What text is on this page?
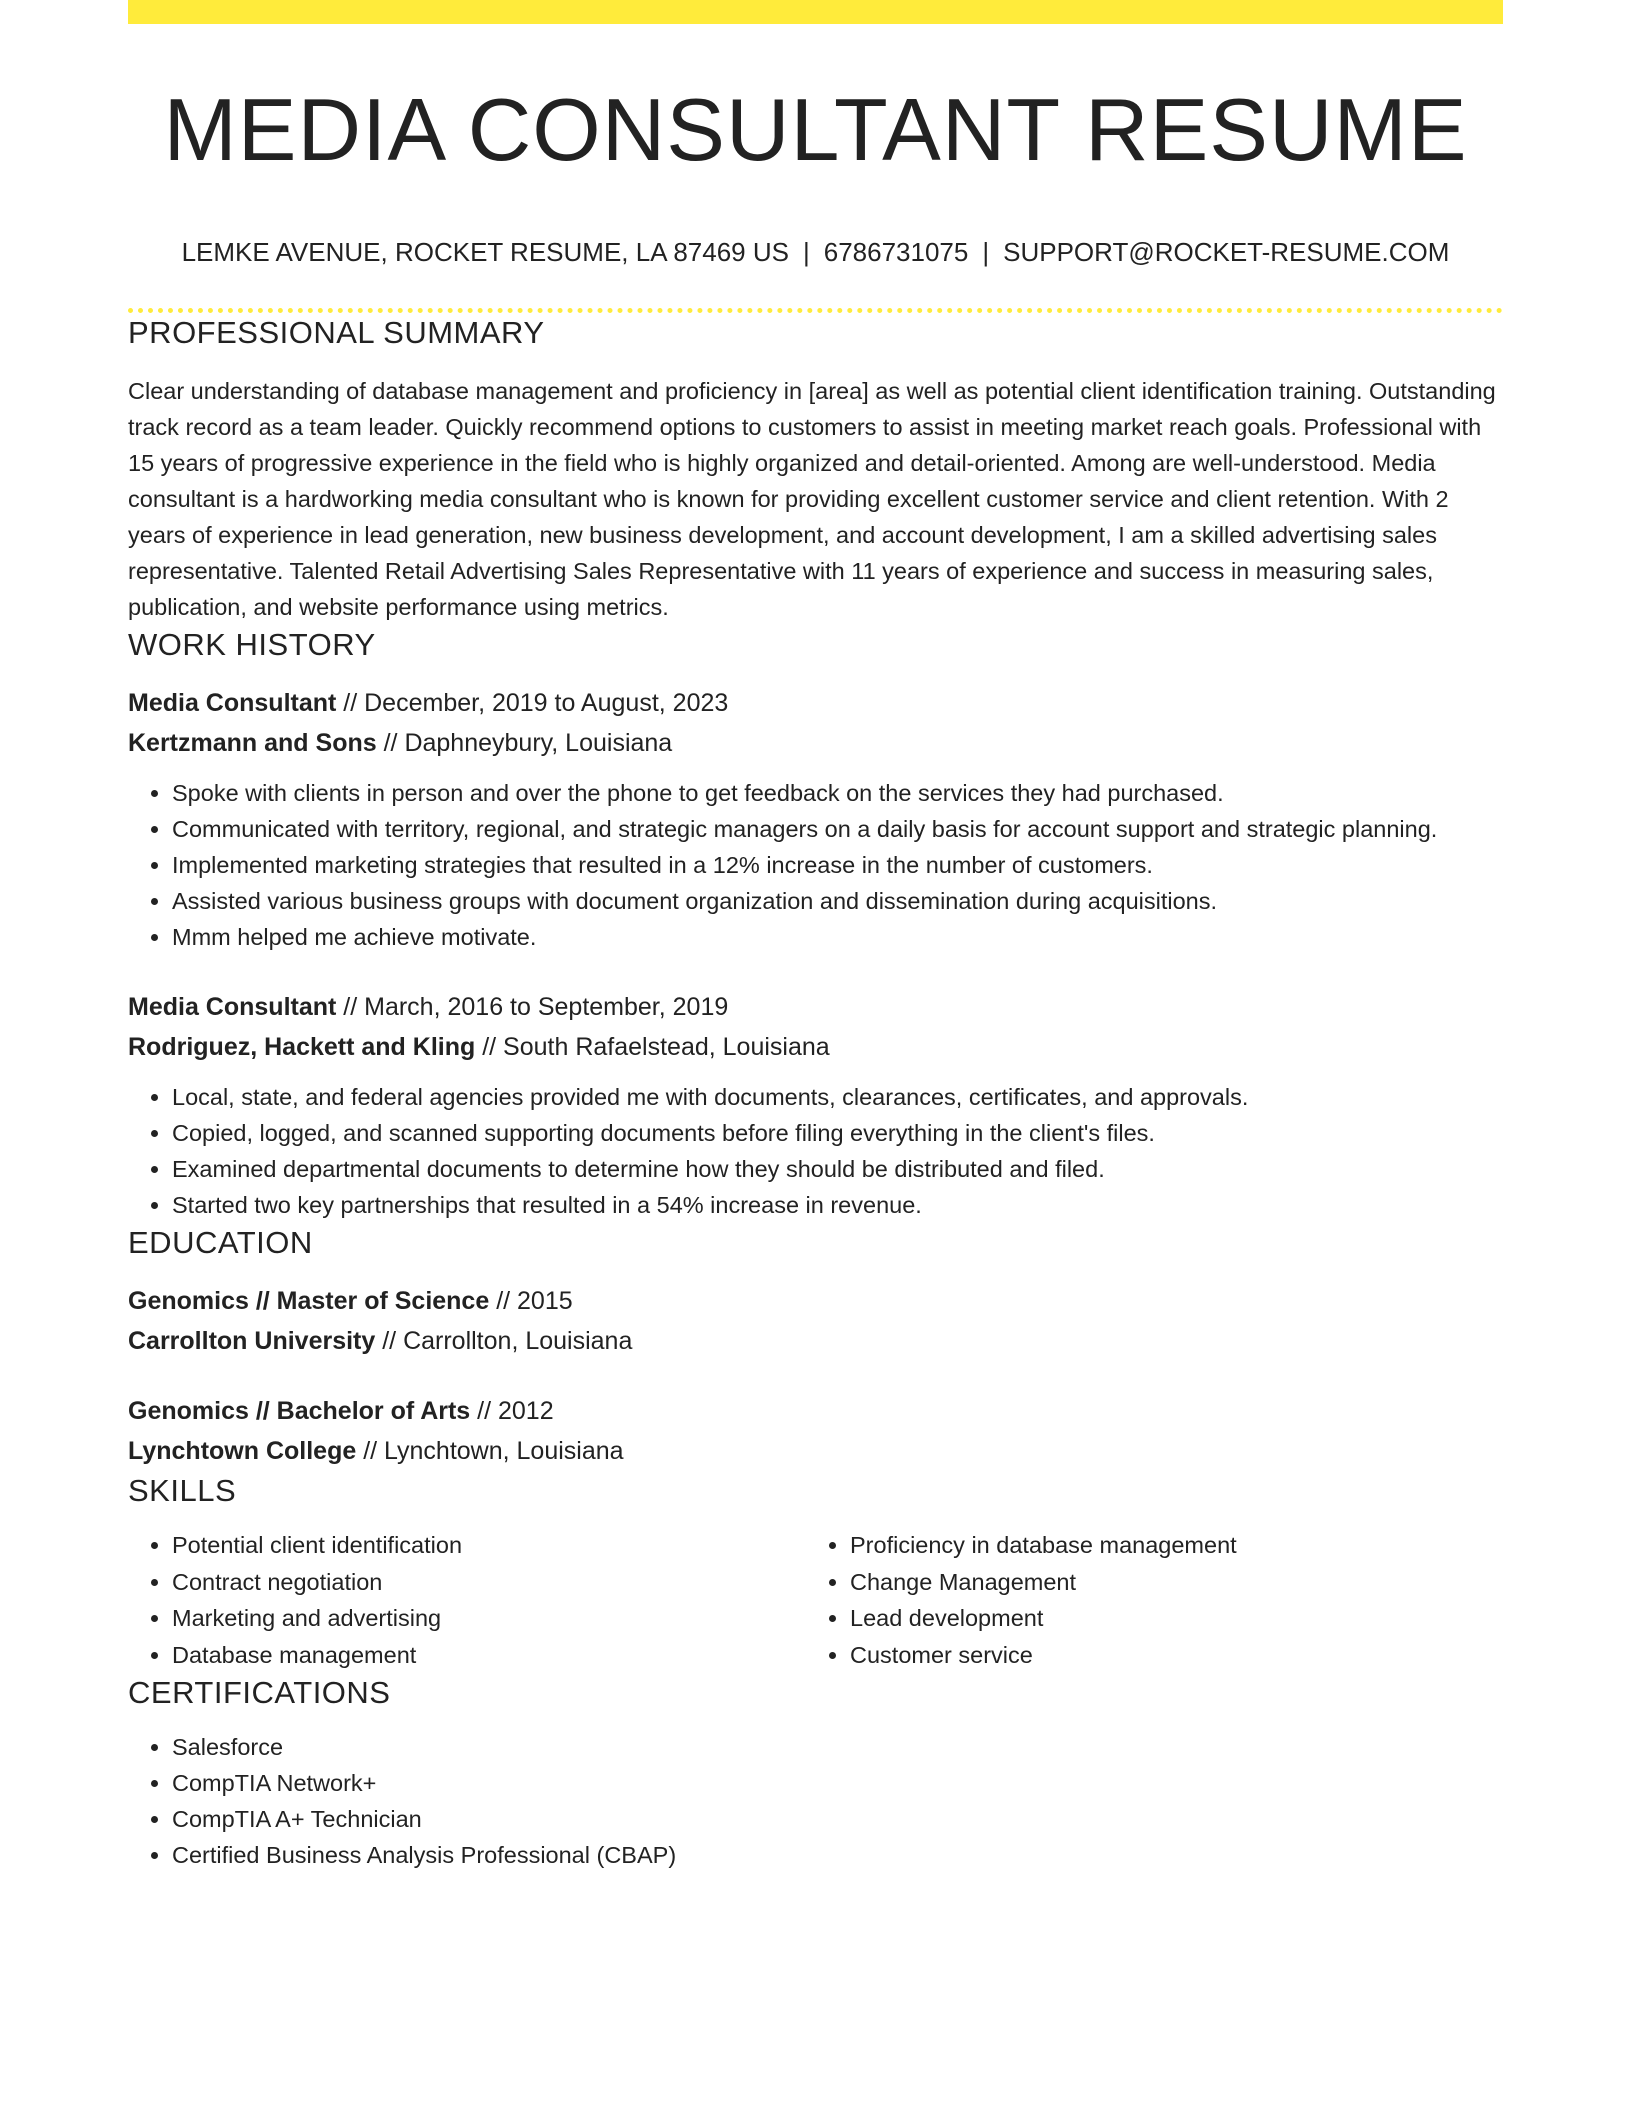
MEDIA CONSULTANT RESUME
LEMKE AVENUE, ROCKET RESUME, LA 87469 US | 6786731075 | SUPPORT@ROCKET-RESUME.COM
PROFESSIONAL SUMMARY

Clear understanding of database management and proficiency in [area] as well as potential client identification training. Outstanding track record as a team leader. Quickly recommend options to customers to assist in meeting market reach goals. Professional with 15 years of progressive experience in the field who is highly organized and detail-oriented. Among are well-understood. Media consultant is a hardworking media consultant who is known for providing excellent customer service and client retention. With 2 years of experience in lead generation, new business development, and account development, I am a skilled advertising sales representative. Talented Retail Advertising Sales Representative with 11 years of experience and success in measuring sales, publication, and website performance using metrics.

WORK HISTORY
Media Consultant // December, 2019 to August, 2023
Kertzmann and Sons // Daphneybury, Louisiana
• Spoke with clients in person and over the phone to get feedback on the services they had purchased.
• Communicated with territory, regional, and strategic managers on a daily basis for account support and strategic planning.
• Implemented marketing strategies that resulted in a 12% increase in the number of customers.
• Assisted various business groups with document organization and dissemination during acquisitions.
• Mmm helped me achieve motivate.
Media Consultant // March, 2016 to September, 2019
Rodriguez, Hackett and Kling // South Rafaelstead, Louisiana
• Local, state, and federal agencies provided me with documents, clearances, certificates, and approvals.
• Copied, logged, and scanned supporting documents before filing everything in the client's files.
• Examined departmental documents to determine how they should be distributed and filed.
• Started two key partnerships that resulted in a 54% increase in revenue.
EDUCATION
Genomics // Master of Science // 2015
Carrollton University // Carrollton, Louisiana
Genomics // Bachelor of Arts // 2012
Lynchtown College // Lynchtown, Louisiana
SKILLS
• Potential client identification
• Contract negotiation
• Marketing and advertising
• Database management
• Proficiency in database management
• Change Management
• Lead development
• Customer service
CERTIFICATIONS
• Salesforce
• CompTIA Network+
• CompTIA A+ Technician
• Certified Business Analysis Professional (CBAP)
